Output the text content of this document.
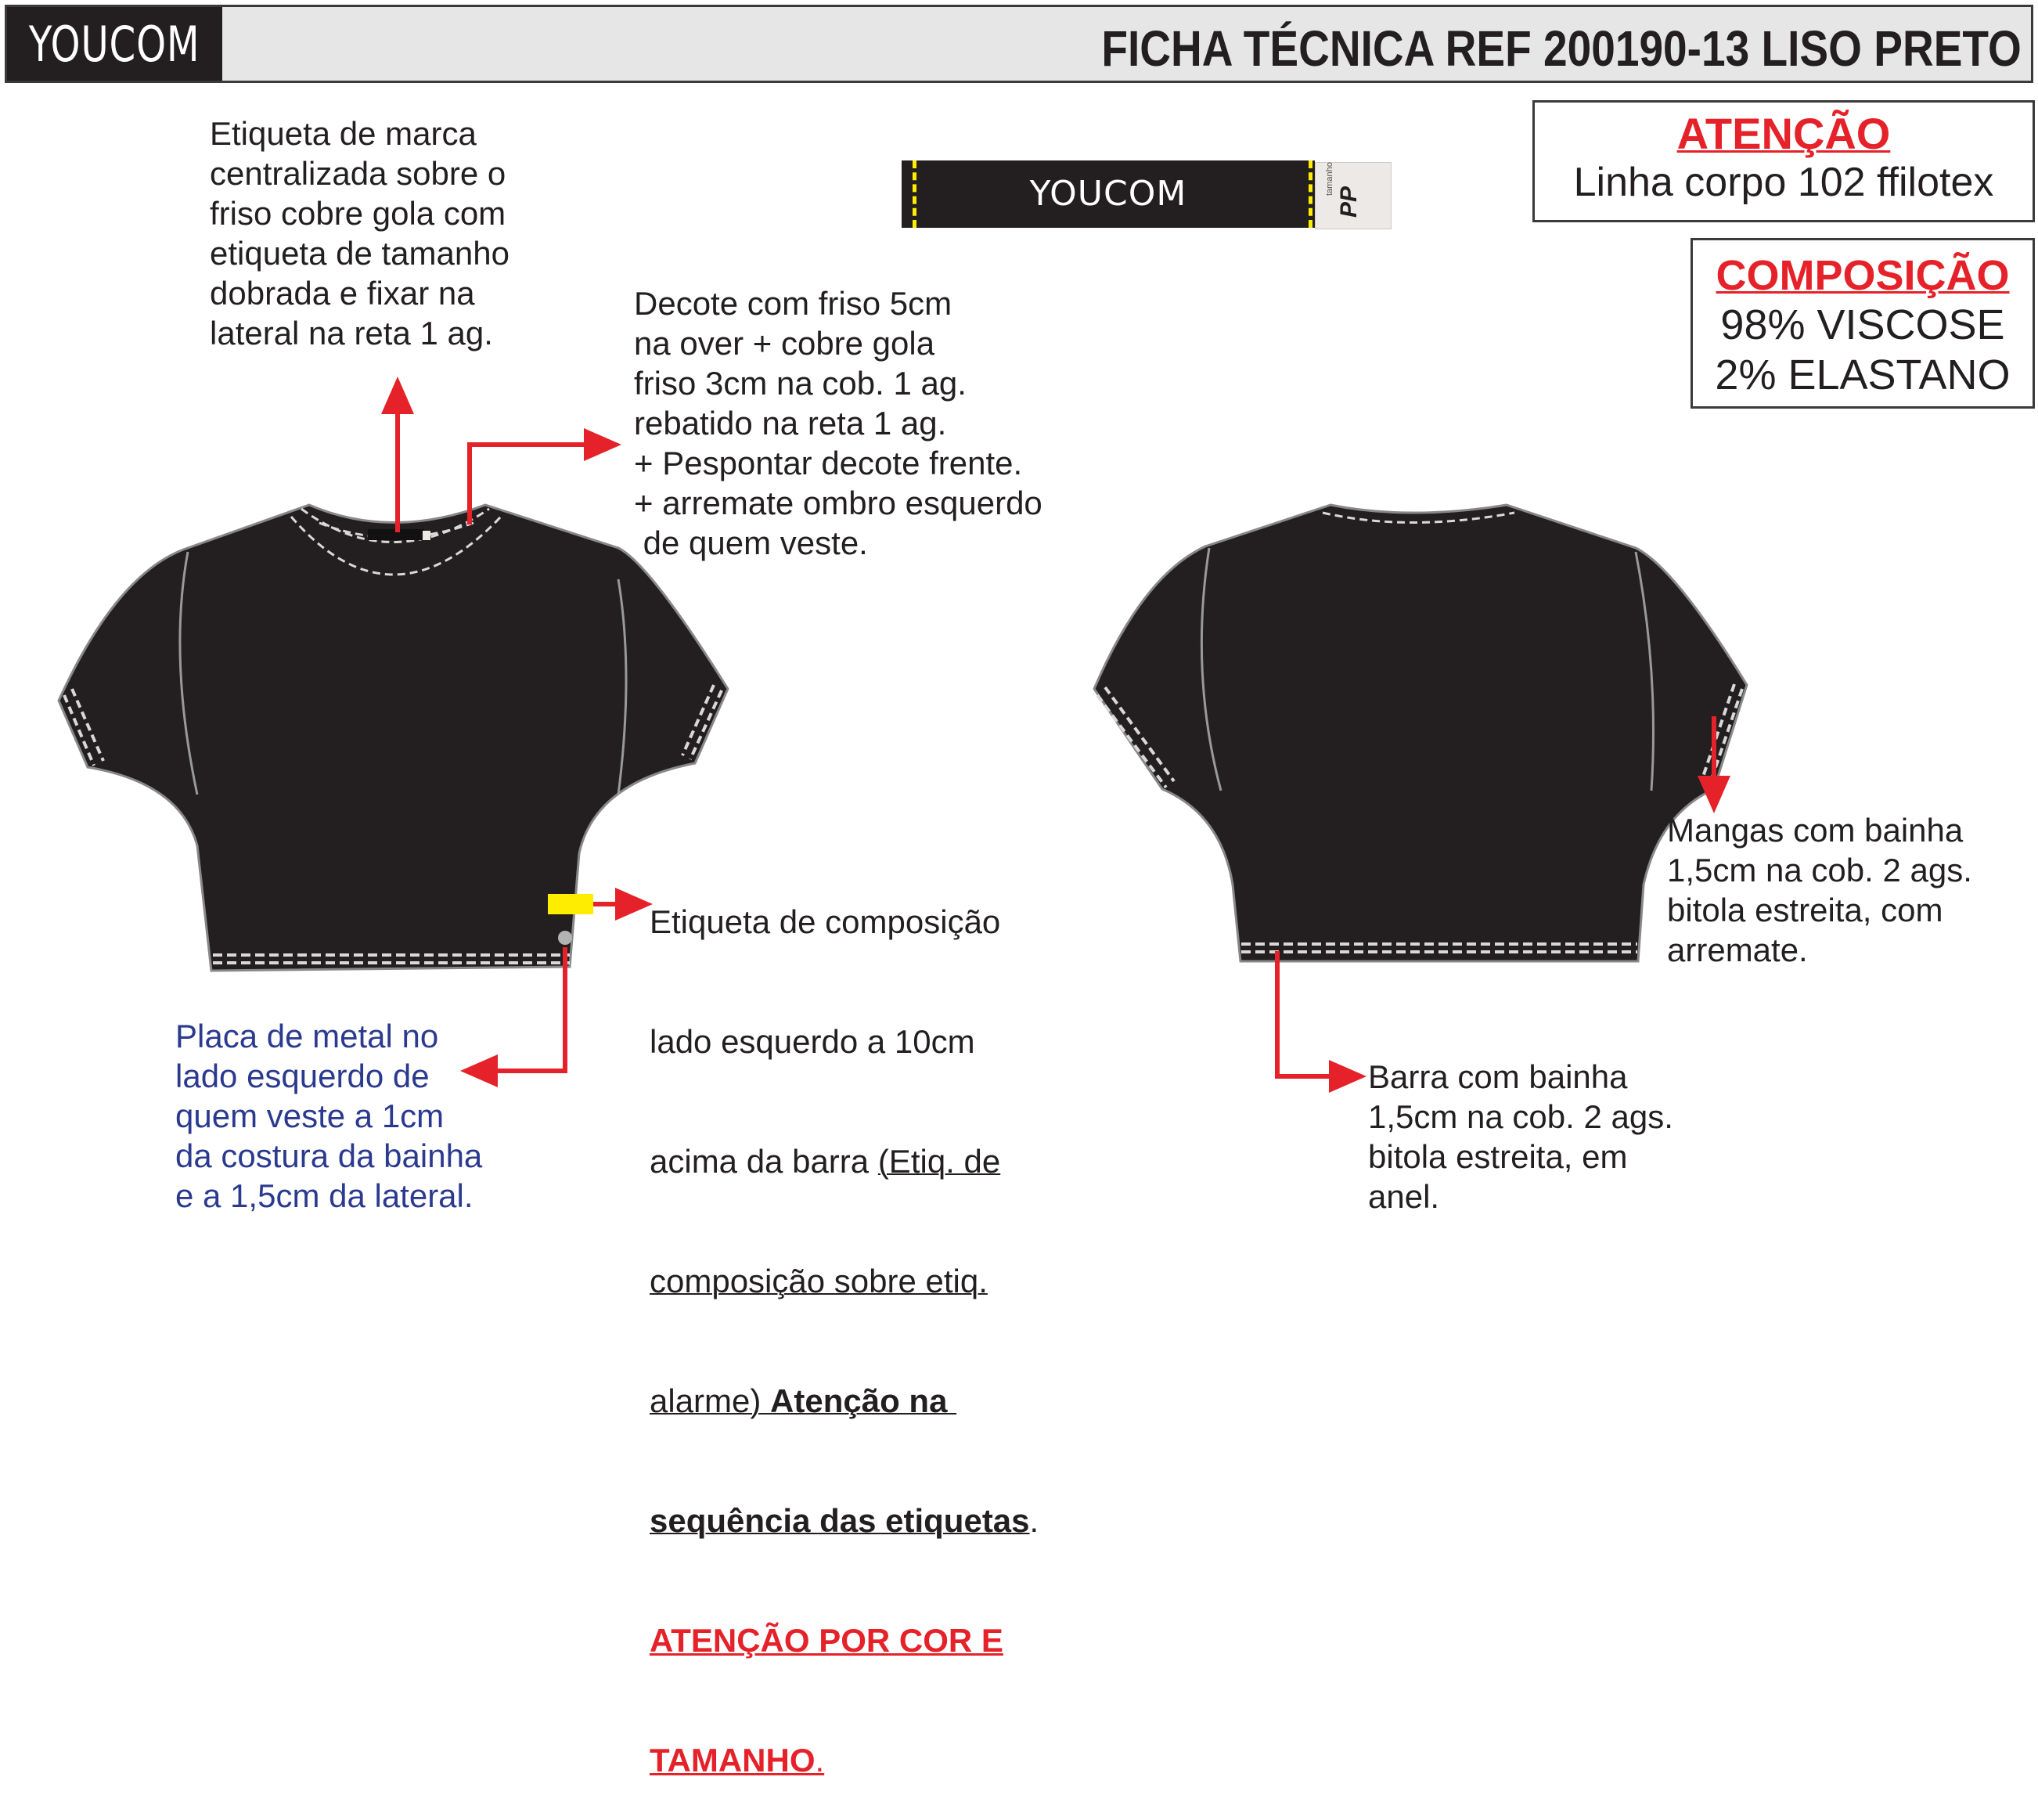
YOUCOM	FICHA TÉCNICA REF 200190-13 LISO PRETO
ATENÇÃO
Linha corpo 102 ffilotex
COMPOSIÇÃO
98% VISCOSE
2% ELASTANO
YOUCOM	tamanho
PP
Etiqueta de marca
centralizada sobre o
friso cobre gola com
etiqueta de tamanho
dobrada e fixar na
lateral na reta 1 ag.
Decote com friso 5cm
na over + cobre gola
friso 3cm na cob. 1 ag.
rebatido na reta 1 ag.
+ Pespontar decote frente.
+ arremate ombro esquerdo
de quem veste.

Etiqueta de composição

lado esquerdo a 10cm

acima da barra (Etiq. de

composição sobre etiq.

alarme) Atenção na

sequência das etiquetas.

ATENÇÃO POR COR E

TAMANHO.

Placa de metal no
lado esquerdo de
quem veste a 1cm
da costura da bainha
e a 1,5cm da lateral.
Mangas com bainha
1,5cm na cob. 2 ags.
bitola estreita, com
arremate.
Barra com bainha
1,5cm na cob. 2 ags.
bitola estreita, em
anel.
